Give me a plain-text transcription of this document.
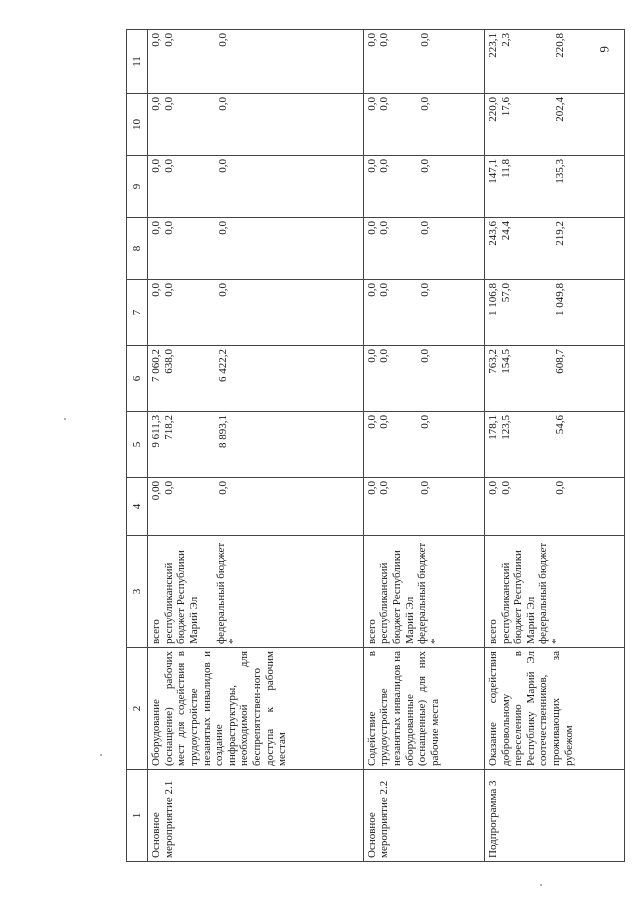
6
1	2	3	4	5	6	7	8	9	10	11
Основное мероприятие 2.1	Оборудование (оснащение) рабочих мест для содействия в трудоустройстве незанятых инвалидов и создание инфраструктуры, необходимой для беспрепятствен-ного доступа к рабочим местам	всего республиканский бюджет Республики Марий Эл федеральный бюджет *	0,00 0,0 0,0	9 611,3 718,2 8 893,1	7 060,2 638,0 6 422,2	0,0 0,0 0,0	0,0 0,0 0,0	0,0 0,0 0,0	0,0 0,0 0,0	0,0 0,0 0,0

Основное мероприятие 2.2	Содействие в трудоустройстве незанятых инвалидов на оборудованные (оснащенные) для них рабочие места	всего республиканский бюджет Республики Марий Эл федеральный бюджет *	0,0 0,0 0,0	0,0 0,0 0,0	0,0 0,0 0,0	0,0 0,0 0,0	0,0 0,0 0,0	0,0 0,0 0,0	0,0 0,0 0,0	0,0 0,0 0,0

Подпрограмма 3	Оказание содействия добровольному переселению в Республику Марий Эл соотечественников, проживающих за рубежом	всего республиканский бюджет Республики Марий Эл федеральный бюджет *	0,0 0,0 0,0	178,1 123,5 54,6	763,2 154,5 608,7	1 106,8 57,0 1 049,8	243,6 24,4 219,2	147,1 11,8 135,3	220,0 17,6 202,4	223,1 2,3 220,8
